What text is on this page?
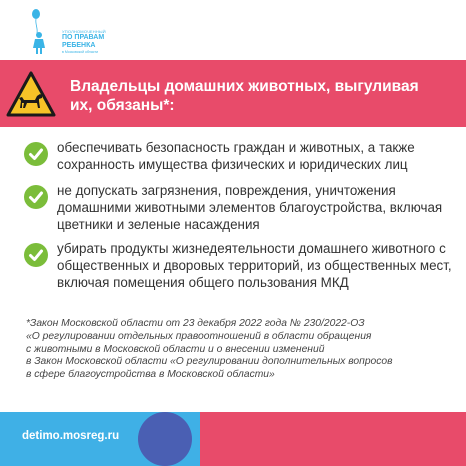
УПОЛНОМОЧЕННЫЙ
ПО ПРАВАМ
РЕБЕНКА
в Московской области
Владельцы домашних животных, выгуливая их, обязаны*:
обеспечивать безопасность граждан и животных, а также сохранность имущества физических и юридических лиц
не допускать загрязнения, повреждения, уничтожения домашними животными элементов благоустройства, включая цветники и зеленые насаждения
убирать продукты жизнедеятельности домашнего животного с общественных и дворовых территорий, из общественных мест, включая помещения общего пользования МКД
*Закон Московской области от 23 декабря 2022 года № 230/2022-ОЗ
«О регулировании отдельных правоотношений в области обращения
с животными в Московской области и о внесении изменений
в Закон Московской области «О регулировании дополнительных вопросов
в сфере благоустройства в Московской области»
detimo.mosreg.ru
